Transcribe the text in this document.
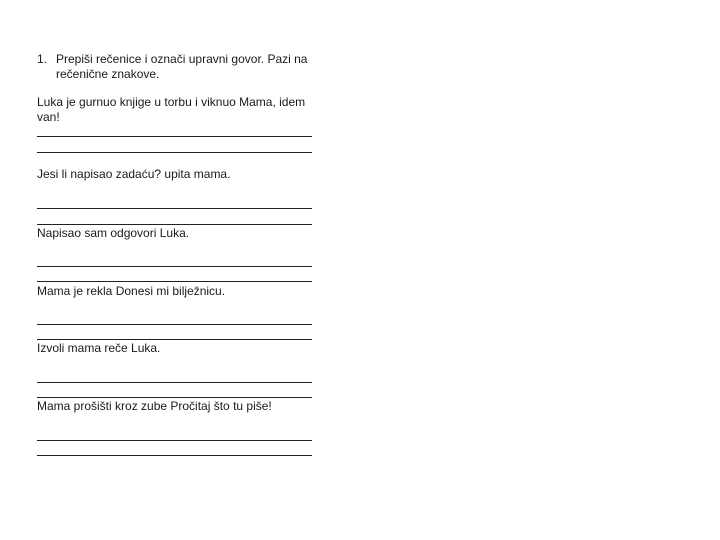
1. Prepiši rečenice i označi upravni govor. Pazi na rečenične znakove.
Luka je gurnuo knjige u torbu i viknuo Mama, idem van!
Jesi li napisao zadaću? upita mama.
Napisao sam odgovori Luka.
Mama je rekla Donesi mi bilježnicu.
Izvoli mama reče Luka.
Mama prošišti kroz zube Pročitaj što tu piše!
